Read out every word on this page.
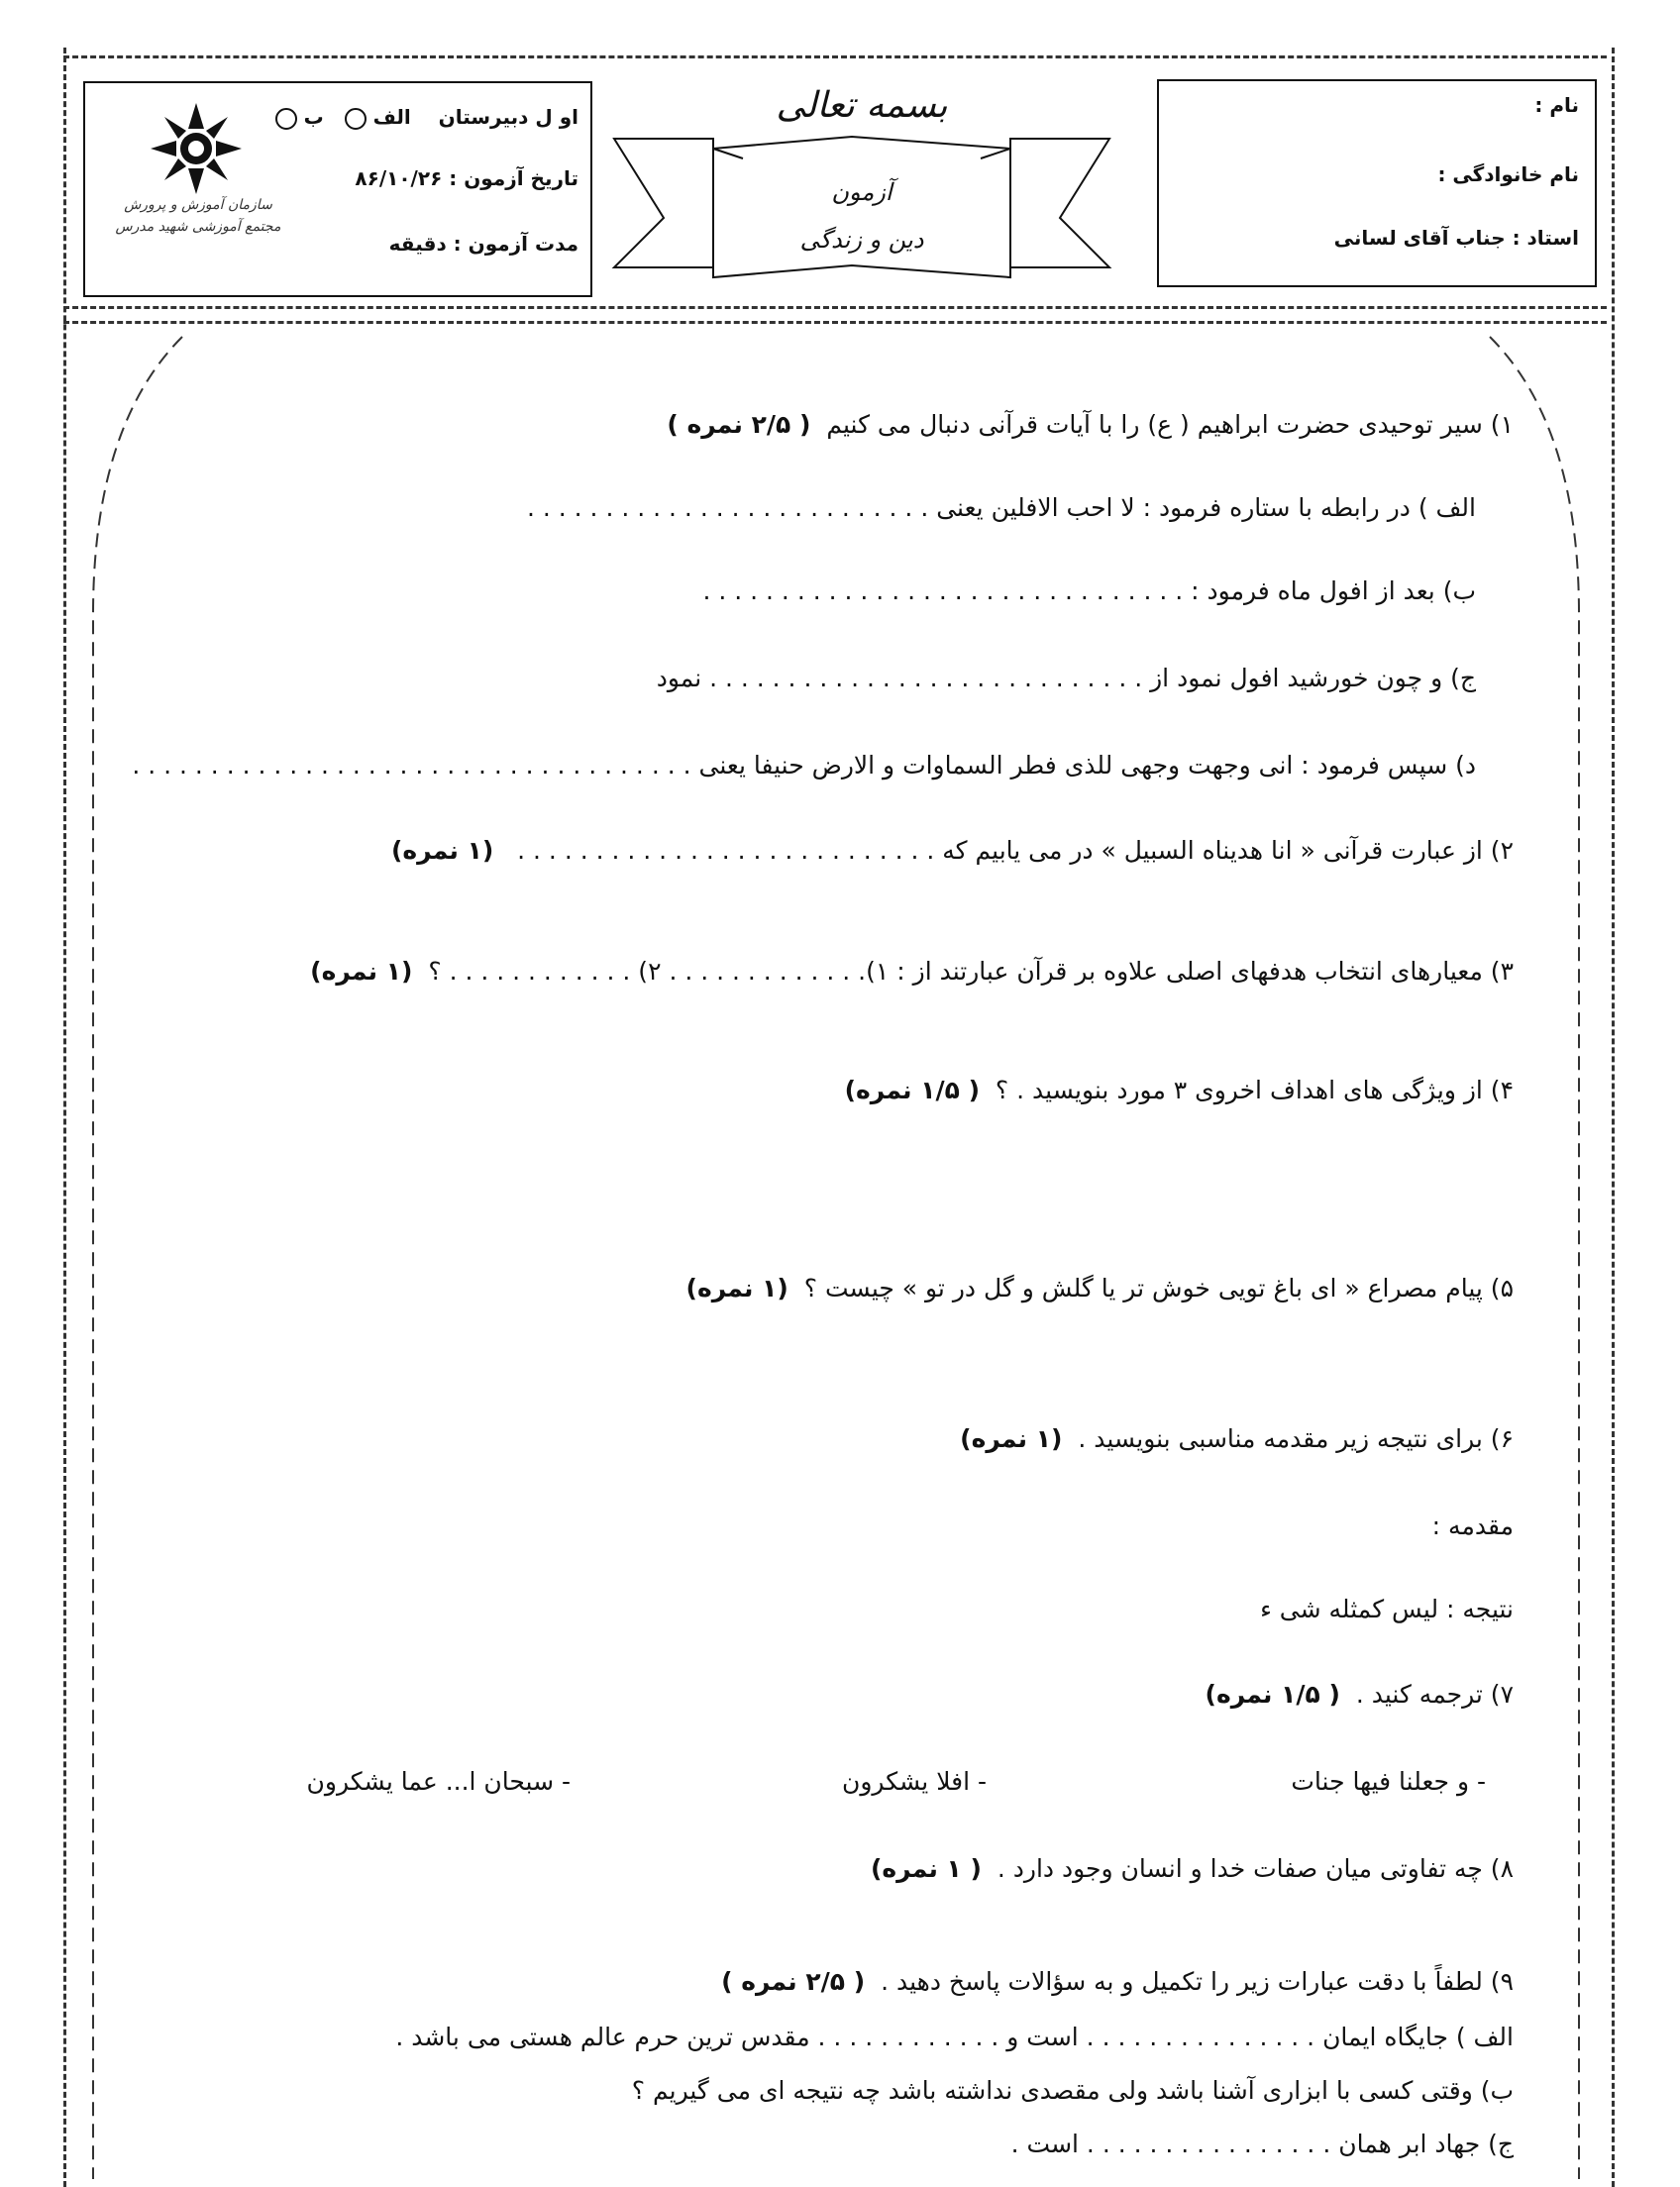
نام :
نام خانوادگی :
استاد : جناب آقای لسانی
بسمه تعالی
آزمون
دین و زندگی
او ل دبیرستان    الف    ب
تاریخ آزمون : ۸۶/۱۰/۲۶
مدت آزمون : دقیقه
سازمان آموزش و پرورش
مجتمع آموزشی شهید مدرس
۱) سیر توحیدی حضرت ابراهیم ( ع) را با آیات قرآنی دنبال می کنیم  ( ۲/۵ نمره )
الف ) در رابطه با ستاره فرمود : لا احب الافلین یعنی . . . . . . . . . . . . . . . . . . . . . . . . . .
ب) بعد از افول ماه فرمود : . . . . . . . . . . . . . . . . . . . . . . . . . . . . . . .
ج) و چون خورشید افول نمود از . . . . . . . . . . . . . . . . . . . . . . . . . . . . نمود
د) سپس فرمود : انی وجهت وجهی للذی فطر السماوات و الارض حنیفا یعنی . . . . . . . . . . . . . . . . . . . . . . . . . . . . . . . . . . . .
۲) از عبارت قرآنی « انا هدیناه السبیل » در می یابیم که . . . . . . . . . . . . . . . . . . . . . . . . . . .   (۱ نمره)
۳) معیارهای انتخاب هدفهای اصلی علاوه بر قرآن عبارتند از : ۱). . . . . . . . . . . . . ۲) . . . . . . . . . . . . ؟  (۱ نمره)
۴) از ویژگی های اهداف اخروی ۳ مورد بنویسید . ؟  ( ۱/۵ نمره)
۵) پیام مصراع « ای باغ تویی خوش تر یا گلش و گل در تو » چیست ؟  (۱ نمره)
۶) برای نتیجه زیر مقدمه مناسبی بنویسید .  (۱ نمره)
مقدمه :
نتیجه : لیس کمثله شی ء
۷) ترجمه کنید .  ( ۱/۵ نمره)
- و جعلنا فیها جنات
- افلا یشکرون
- سبحان ا... عما یشکرون
۸) چه تفاوتی میان صفات خدا و انسان وجود دارد .  ( ۱ نمره)
۹) لطفاً با دقت عبارات زیر را تکمیل و به سؤالات پاسخ دهید .  ( ۲/۵ نمره )
الف ) جایگاه ایمان . . . . . . . . . . . . . . . است و . . . . . . . . . . . . مقدس ترین حرم عالم هستی می باشد .
ب) وقتی کسی با ابزاری آشنا باشد ولی مقصدی نداشته باشد چه نتیجه ای می گیریم ؟
ج) جهاد ابر همان . . . . . . . . . . . . . . . . است .
